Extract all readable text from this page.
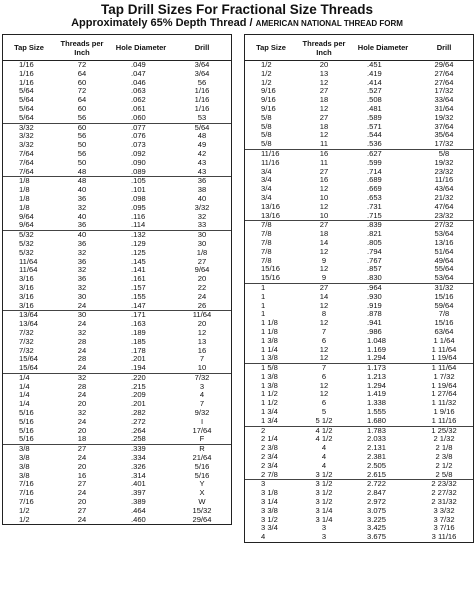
Tap Drill Sizes For Fractional Size Threads
Approximately 65% Depth Thread / AMERICAN NATIONAL THREAD FORM
Tap Size	Threads per Inch	Hole Diameter	Drill
1/16	72	.049	3/64
1/16	64	.047	3/64
1/16	60	.046	56
5/64	72	.063	1/16
5/64	64	.062	1/16
5/64	60	.061	1/16
5/64	56	.060	53
3/32	60	.077	5/64
3/32	56	.076	48
3/32	50	.073	49
7/64	56	.092	42
7/64	50	.090	43
7/64	48	.089	43
1/8	48	.105	36
1/8	40	.101	38
1/8	36	.098	40
1/8	32	.095	3/32
9/64	40	.116	32
9/64	36	.114	33
5/32	40	.132	30
5/32	36	.129	30
5/32	32	.125	1/8
11/64	36	.145	27
11/64	32	.141	9/64
3/16	36	.161	20
3/16	32	.157	22
3/16	30	.155	24
3/16	24	.147	26
13/64	30	.171	11/64
13/64	24	.163	20
7/32	32	.189	12
7/32	28	.185	13
7/32	24	.178	16
15/64	28	.201	7
15/64	24	.194	10
1/4	32	.220	7/32
1/4	28	.215	3
1/4	24	.209	4
1/4	20	.201	7
5/16	32	.282	9/32
5/16	24	.272	I
5/16	20	.264	17/64
5/16	18	.258	F
3/8	27	.339	R
3/8	24	.334	21/64
3/8	20	.326	5/16
3/8	16	.314	5/16
7/16	27	.401	Y
7/16	24	.397	X
7/16	20	.389	W
1/2	27	.464	15/32
1/2	24	.460	29/64
Tap Size	Threads per Inch	Hole Diameter	Drill
1/2	20	.451	29/64
1/2	13	.419	27/64
1/2	12	.414	27/64
9/16	27	.527	17/32
9/16	18	.508	33/64
9/16	12	.481	31/64
5/8	27	.589	19/32
5/8	18	.571	37/64
5/8	12	.544	35/64
5/8	11	.536	17/32
11/16	16	.627	5/8
11/16	11	.599	19/32
3/4	27	.714	23/32
3/4	16	.689	11/16
3/4	12	.669	43/64
3/4	10	.653	21/32
13/16	12	.731	47/64
13/16	10	.715	23/32
7/8	27	.839	27/32
7/8	18	.821	53/64
7/8	14	.805	13/16
7/8	12	.794	51/64
7/8	9	.767	49/64
15/16	12	.857	55/64
15/16	9	.830	53/64
1	27	.964	31/32
1	14	.930	15/16
1	12	.919	59/64
1	8	.878	7/8
1 1/8	12	.941	15/16
1 1/8	7	.986	63/64
1 3/8	6	1.048	1 1/64
1 1/4	12	1.169	1 11/64
1 3/8	12	1.294	1 19/64
1 5/8	7	1.173	1 11/64
1 3/8	6	1.213	1 7/32
1 3/8	12	1.294	1 19/64
1 1/2	12	1.419	1 27/64
1 1/2	6	1.338	1 11/32
1 3/4	5	1.555	1 9/16
1 3/4	5 1/2	1.680	1 11/16
2	4 1/2	1.783	1 25/32
2 1/4	4 1/2	2.033	2 1/32
2 3/8	4	2.131	2 1/8
2 3/4	4	2.381	2 3/8
2 3/4	4	2.505	2 1/2
2 7/8	3 1/2	2.615	2 5/8
3	3 1/2	2.722	2 23/32
3 1/8	3 1/2	2.847	2 27/32
3 1/4	3 1/2	2.972	2 31/32
3 3/8	3 1/4	3.075	3 3/32
3 1/2	3 1/4	3.225	3 7/32
3 3/4	3	3.425	3 7/16
4	3	3.675	3 11/16
